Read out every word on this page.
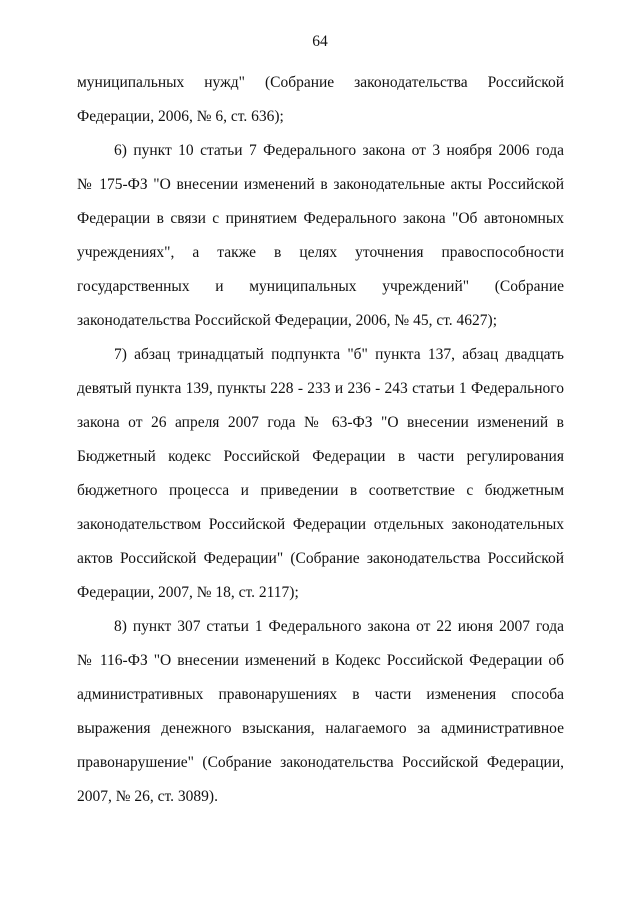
64
муниципальных нужд" (Собрание законодательства Российской
Федерации, 2006, № 6, ст. 636);
6) пункт 10 статьи 7 Федерального закона от 3 ноября 2006 года
№ 175-ФЗ "О внесении изменений в законодательные акты Российской
Федерации в связи с принятием Федерального закона "Об автономных
учреждениях", а также в целях уточнения правоспособности
государственных и муниципальных учреждений" (Собрание
законодательства Российской Федерации, 2006, № 45, ст. 4627);
7) абзац тринадцатый подпункта "б" пункта 137, абзац двадцать
девятый пункта 139, пункты 228 - 233 и 236 - 243 статьи 1 Федерального
закона от 26 апреля 2007 года № 63-ФЗ "О внесении изменений в
Бюджетный кодекс Российской Федерации в части регулирования
бюджетного процесса и приведении в соответствие с бюджетным
законодательством Российской Федерации отдельных законодательных
актов Российской Федерации" (Собрание законодательства Российской
Федерации, 2007, № 18, ст. 2117);
8) пункт 307 статьи 1 Федерального закона от 22 июня 2007 года
№ 116-ФЗ "О внесении изменений в Кодекс Российской Федерации об
административных правонарушениях в части изменения способа
выражения денежного взыскания, налагаемого за административное
правонарушение" (Собрание законодательства Российской Федерации,
2007, № 26, ст. 3089).
